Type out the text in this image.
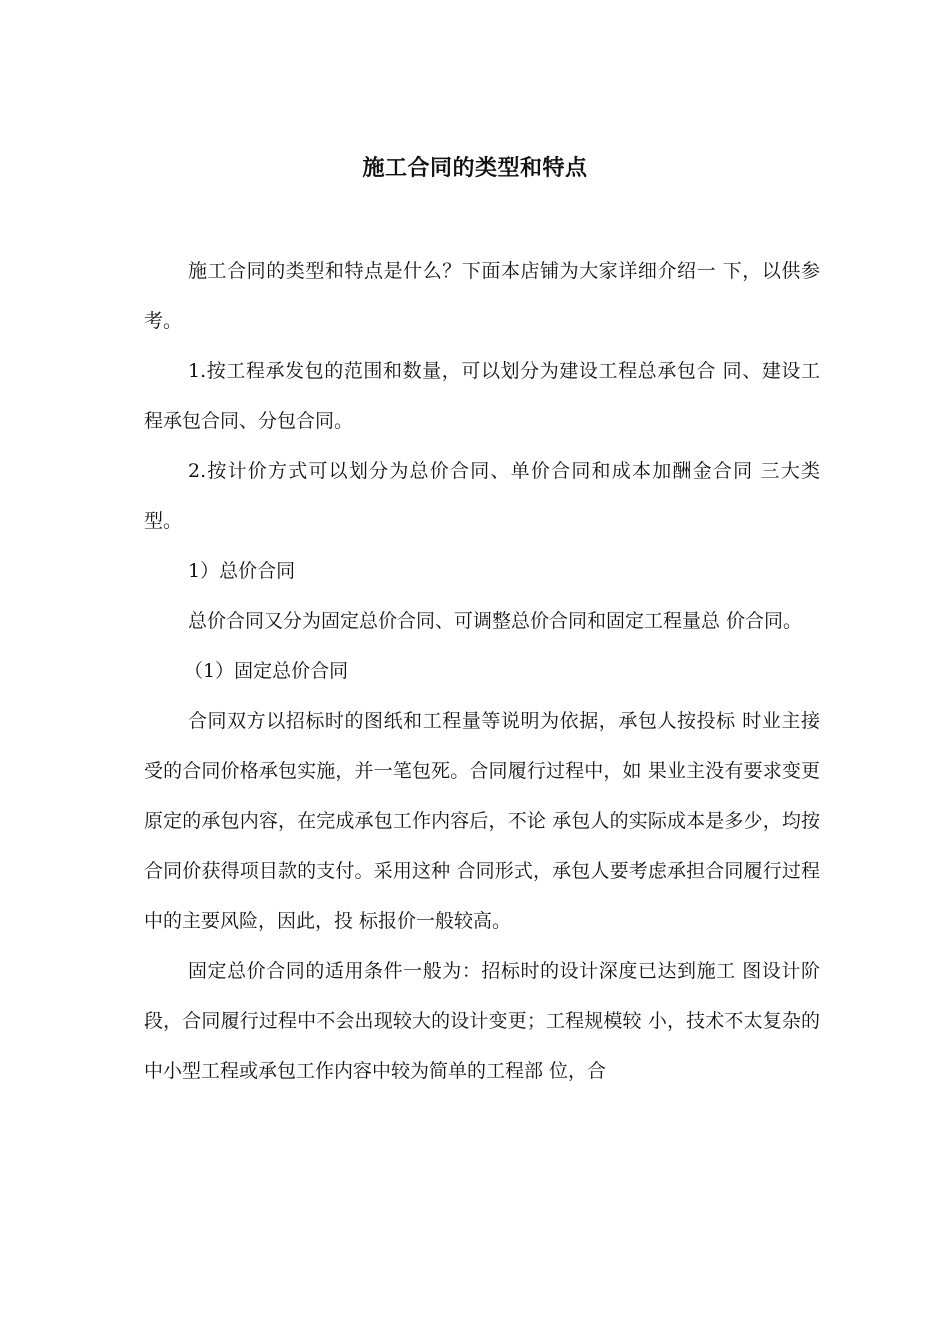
施工合同的类型和特点

施工合同的类型和特点是什么？下面本店铺为大家详细介绍一 下，以供参考。

1.按工程承发包的范围和数量，可以划分为建设工程总承包合 同、建设工程承包合同、分包合同。

2.按计价方式可以划分为总价合同、单价合同和成本加酬金合同 三大类型。

1）总价合同

总价合同又分为固定总价合同、可调整总价合同和固定工程量总 价合同。

（1）固定总价合同

合同双方以招标时的图纸和工程量等说明为依据，承包人按投标 时业主接受的合同价格承包实施，并一笔包死。合同履行过程中，如 果业主没有要求变更原定的承包内容，在完成承包工作内容后，不论 承包人的实际成本是多少，均按合同价获得项目款的支付。采用这种 合同形式，承包人要考虑承担合同履行过程中的主要风险，因此，投 标报价一般较高。

固定总价合同的适用条件一般为：招标时的设计深度已达到施工 图设计阶段，合同履行过程中不会出现较大的设计变更；工程规模较 小，技术不太复杂的中小型工程或承包工作内容中较为简单的工程部 位，合
